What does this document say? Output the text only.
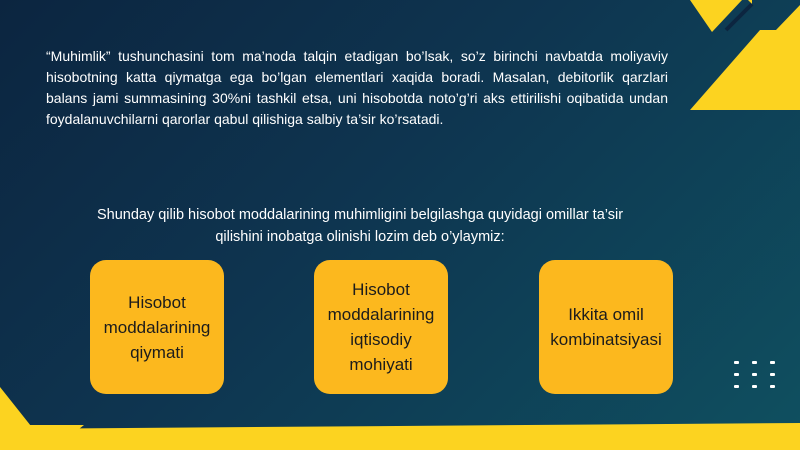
“Muhimlik” tushunchasini tom ma’noda talqin etadigan bo’lsak, so’z birinchi navbatda moliyaviy hisobotning katta qiymatga ega bo’lgan elementlari xaqida boradi. Masalan, debitorlik qarzlari balans jami summasining 30%ni tashkil etsa, uni hisobotda noto’g’ri aks ettirilishi oqibatida undan foydalanuvchilarni qarorlar qabul qilishiga salbiy ta’sir ko’rsatadi.

Shunday qilib hisobot moddalarining muhimligini belgilashga quyidagi omillar ta’sir
qilishini inobatga olinishi lozim deb o’ylaymiz:
Hisobot moddalarining qiymati
Hisobot moddalarining iqtisodiy mohiyati
Ikkita omil kombinatsiyasi
